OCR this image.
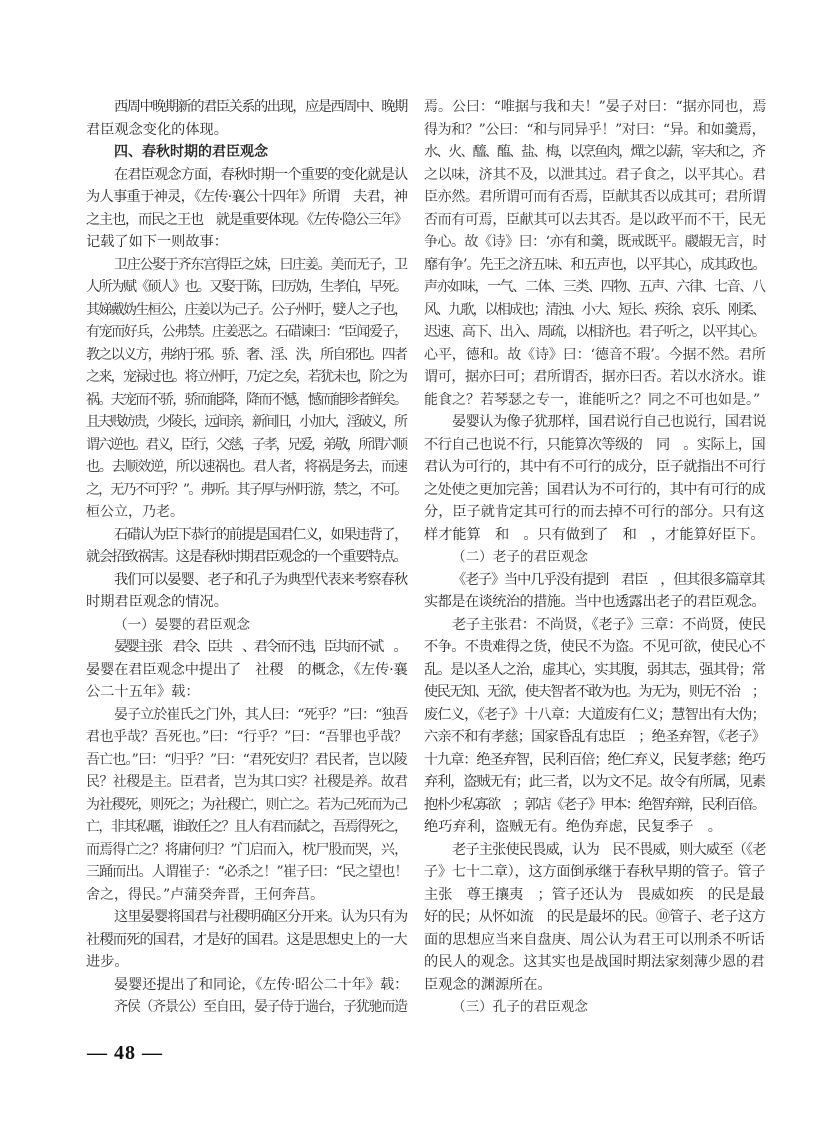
西周中晚期新的君臣关系的出现，应是西周中、晚期
君臣观念变化的体现。
四、春秋时期的君臣观念
在君臣观念方面，春秋时期一个重要的变化就是认
为人事重于神灵，《左传·襄公十四年》所谓　夫君，神
之主也，而民之王也　就是重要体现。《左传·隐公三年》
记载了如下一则故事：
卫庄公娶于齐东宫得臣之妹，曰庄姜。美而无子，卫
人所为赋《硕人》也。又娶于陈，曰厉妫，生孝伯，早死。
其娣戴妫生桓公，庄姜以为己子。公子州吁，嬖人之子也，
有宠而好兵，公弗禁。庄姜恶之。石碏谏曰：“臣闻爱子，
教之以义方，弗纳于邪。骄、奢、淫、泆，所自邪也。四者
之来，宠禄过也。将立州吁，乃定之矣，若犹未也，阶之为
祸。夫宠而不骄，骄而能降，降而不憾，憾而能昣者鲜矣。
且夫贱妨贵，少陵长，远间亲，新间旧，小加大，淫破义，所
谓六逆也。君义，臣行，父慈，子孝，兄爱，弟敬，所谓六顺
也。去顺效逆，所以速祸也。君人者，将祸是务去，而速
之，无乃不可乎？”。弗听。其子厚与州吁游，禁之，不可。
桓公立，乃老。
石碏认为臣下恭行的前提是国君仁义，如果违背了，
就会招致祸害。这是春秋时期君臣观念的一个重要特点。
我们可以晏婴、老子和孔子为典型代表来考察春秋
时期君臣观念的情况。
（一）晏婴的君臣观念
晏婴主张　君令、臣共　、君令而不违，臣共而不贰　。
晏婴在君臣观念中提出了　社稷　的概念，《左传·襄
公二十五年》载：
晏子立於崔氏之门外，其人曰：“死乎？”曰：“独吾
君也乎哉？吾死也。”曰：“行乎？”曰：“吾罪也乎哉？
吾亡也。”曰：“归乎？”曰：“君死安归？君民者，岂以陵
民？社稷是主。臣君者，岂为其口实？社稷是养。故君
为社稷死，则死之；为社稷亡，则亡之。若为己死而为己
亡，非其私暱，谁敢任之？且人有君而弑之，吾焉得死之，
而焉得亡之？将庸何归？”门启而入，枕尸股而哭，兴，
三踊而出。人谓崔子：“必杀之！”崔子曰：“民之望也！
舍之，得民。”卢蒲癸奔晋，王何奔莒。
这里晏婴将国君与社稷明确区分开来。认为只有为
社稷而死的国君，才是好的国君。这是思想史上的一大
进步。
晏婴还提出了和同论，《左传·昭公二十年》载：
齐侯（齐景公）至自田，晏子侍于遄台，子犹驰而造
焉。公曰：“唯据与我和夫！”晏子对曰：“据亦同也，焉
得为和？”公曰：“和与同异乎！”对曰：“异。和如羹焉，
水、火、醯、醢、盐、梅，以烹鱼肉，燀之以薪，宰夫和之，齐
之以味，济其不及，以泄其过。君子食之，以平其心。君
臣亦然。君所谓可而有否焉，臣献其否以成其可；君所谓
否而有可焉，臣献其可以去其否。是以政平而不干，民无
争心。故《诗》曰：‘亦有和羹，既戒既平。鬷嘏无言，时
靡有争’。先王之济五味、和五声也，以平其心，成其政也。
声亦如味，一气、二体、三类、四物、五声、六律、七音、八
风、九歌，以相成也；清浊、小大、短长、疾徐、哀乐、刚柔、
迟速、高下、出入、周疏，以相济也。君子听之，以平其心。
心平，德和。故《诗》曰：‘德音不瑕’。今据不然。君所
谓可，据亦曰可；君所谓否，据亦曰否。若以水济水。谁
能食之？若琴瑟之专一，谁能听之？同之不可也如是。”
晏婴认为像子犹那样，国君说行自己也说行，国君说
不行自己也说不行，只能算次等级的　同　。实际上，国
君认为可行的，其中有不可行的成分，臣子就指出不可行
之处使之更加完善；国君认为不可行的，其中有可行的成
分，臣子就肯定其可行的而去掉不可行的部分。只有这
样才能算　和　。只有做到了　和　，才能算好臣下。
（二）老子的君臣观念
《老子》当中几乎没有提到　君臣　，但其很多篇章其
实都是在谈统治的措施。当中也透露出老子的君臣观念。
老子主张君：不尚贤，《老子》三章：不尚贤，使民
不争。不贵难得之货，使民不为盗。不见可欲，使民心不
乱。是以圣人之治，虚其心，实其腹，弱其志，强其骨；常
使民无知、无欲，使夫智者不敢为也。为无为，则无不治　；
废仁义，《老子》十八章：大道废有仁义；慧智出有大伪；
六亲不和有孝慈；国家昏乱有忠臣　；绝圣弃智，《老子》
十九章：绝圣弃智，民利百倍；绝仁弃义，民复孝慈；绝巧
弃利，盗贼无有；此三者，以为文不足。故令有所属，见素
抱朴少私寡欲　；郭店《老子》甲本：绝智弃辩，民利百倍。
绝巧弃利，盗贼无有。绝伪弃虑，民复季子　。
老子主张使民畏威，认为　民不畏威，则大威至（《老
子》七十二章），这方面倒承继于春秋早期的管子。管子
主张　尊王攘夷　；管子还认为　畏威如疾　的民是最
好的民；从怀如流　的民是最坏的民。⑩管子、老子这方
面的思想应当来自盘庚、周公认为君王可以刑杀不听话
的民人的观念。这其实也是战国时期法家刻薄少恩的君
臣观念的渊源所在。
（三）孔子的君臣观念
— 48 —
